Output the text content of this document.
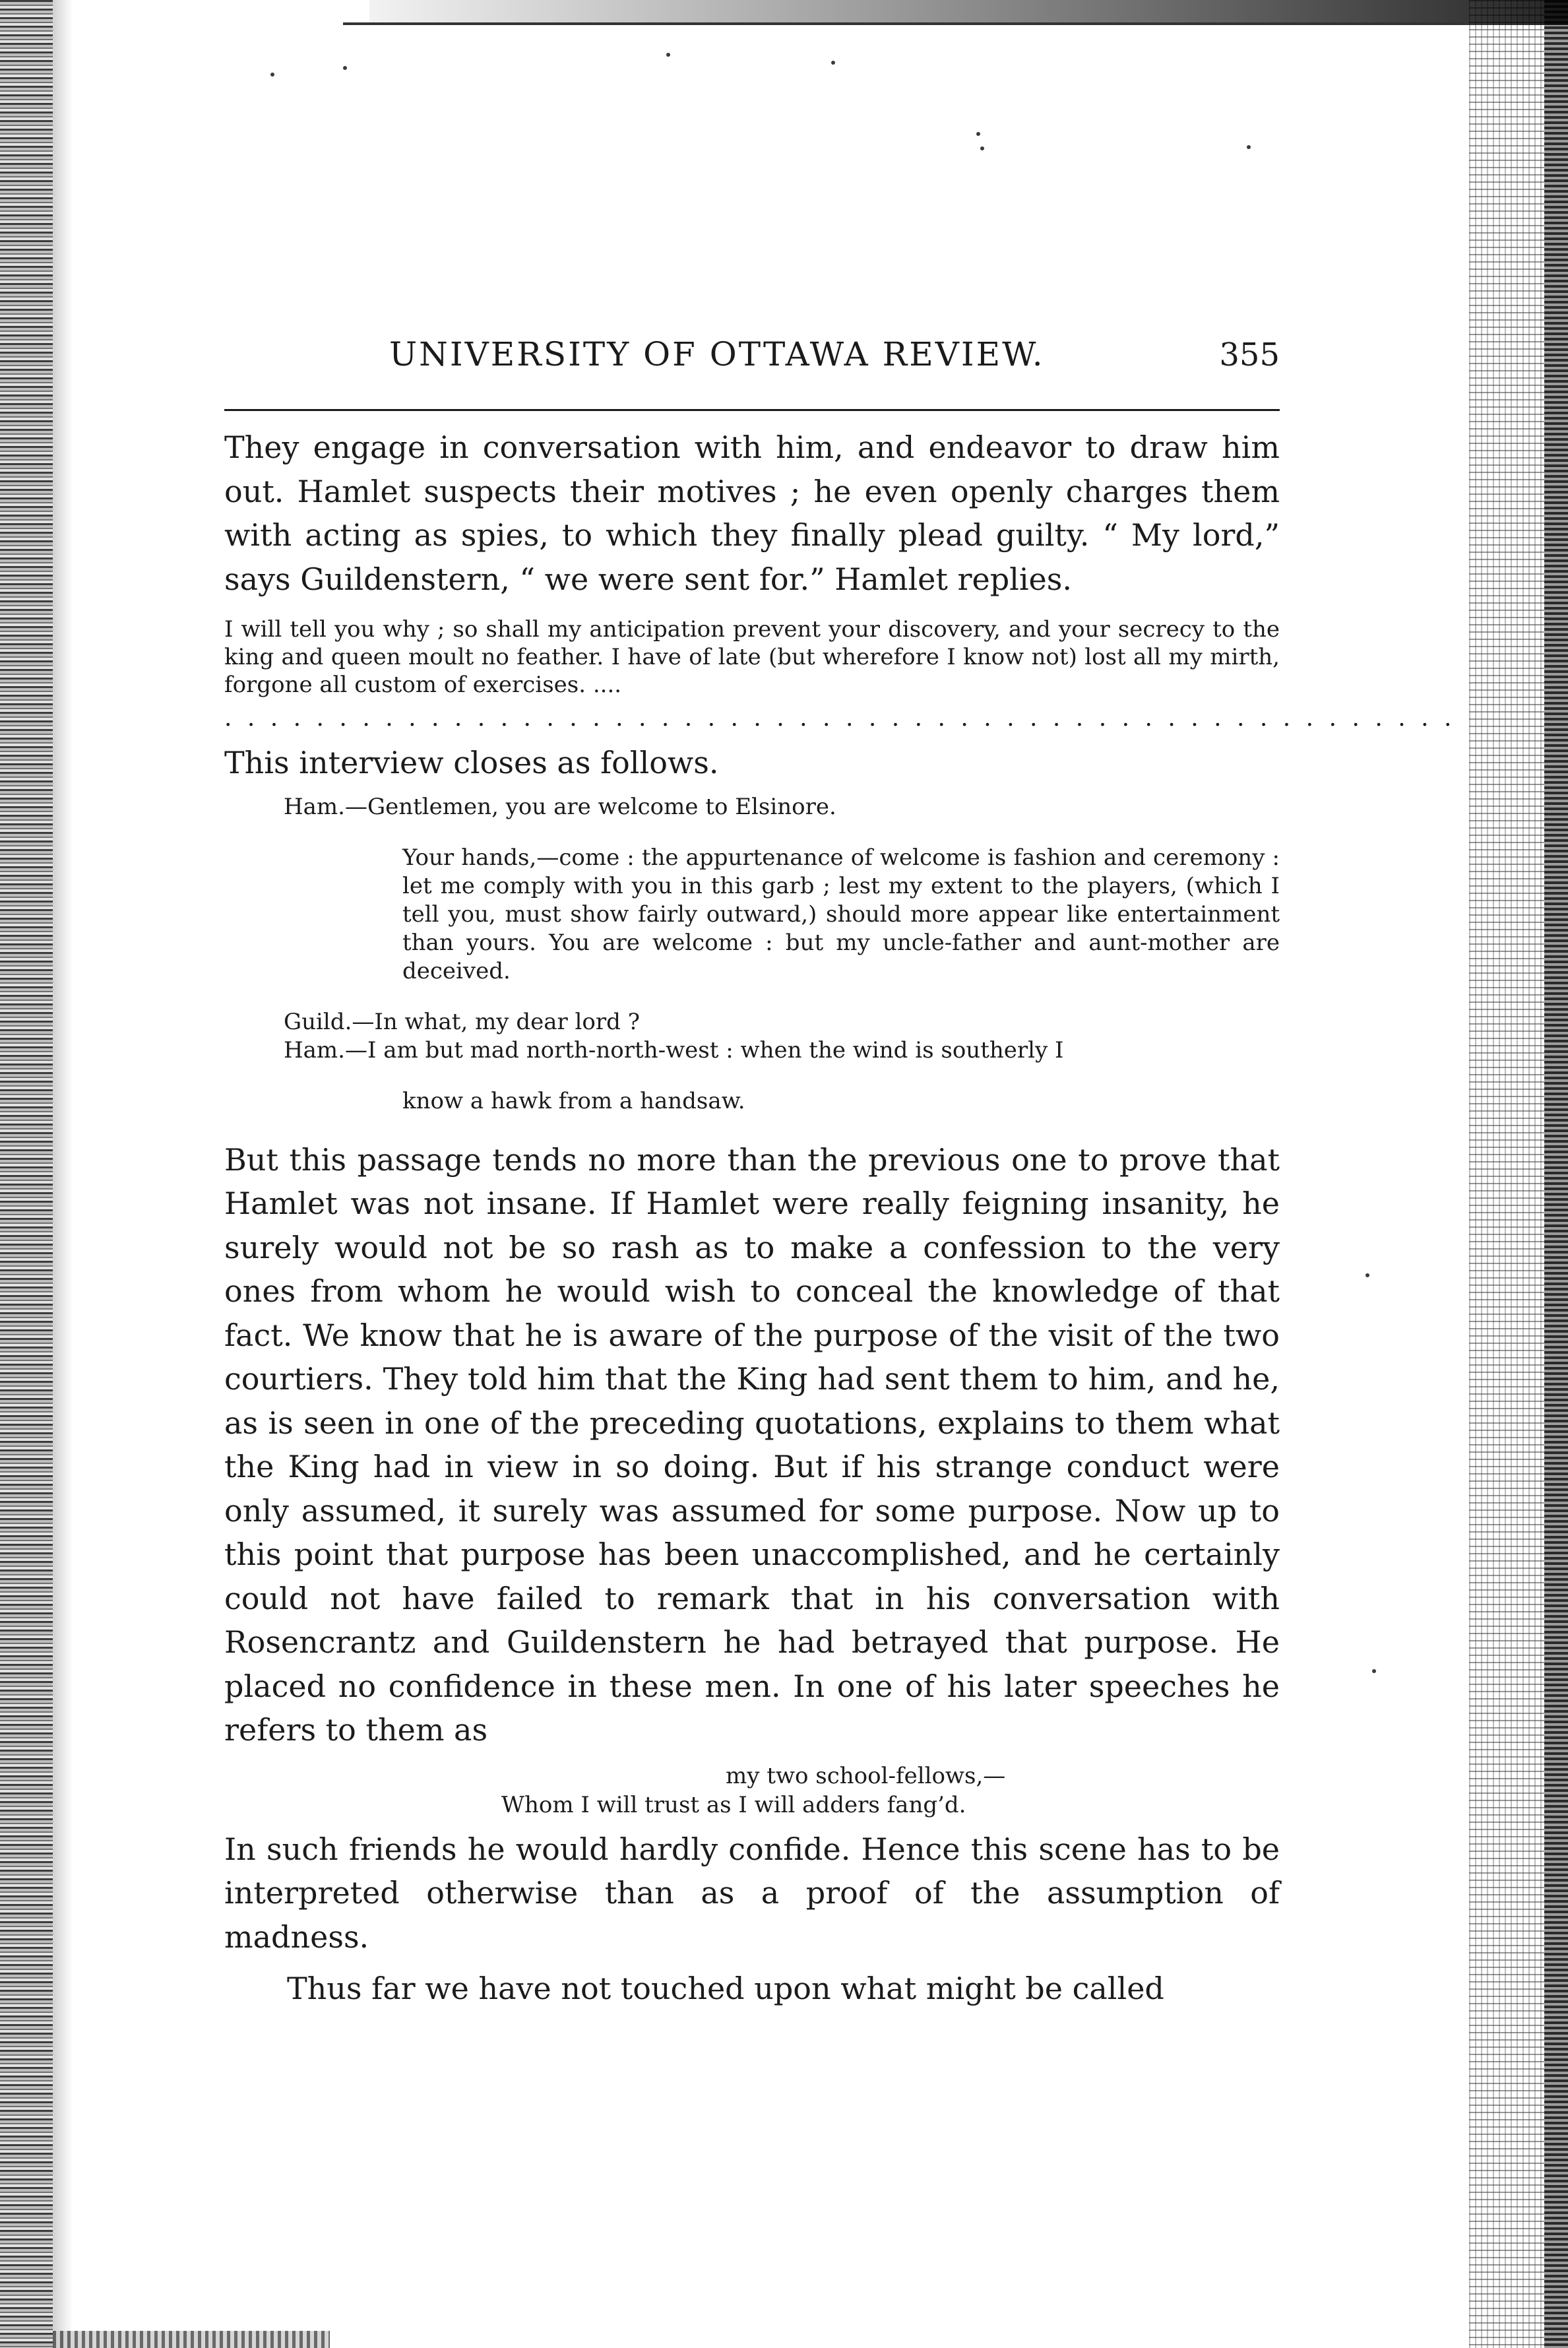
UNIVERSITY OF OTTAWA REVIEW.	355

They engage in conversation with him, and endeavor to draw him out. Hamlet suspects their motives ; he even openly charges them with acting as spies, to which they finally plead guilty. “ My lord,” says Guildenstern, “ we were sent for.” Hamlet replies.

I will tell you why ; so shall my anticipation prevent your discovery, and your secrecy to the king and queen moult no feather. I have of late (but wherefore I know not) lost all my mirth, forgone all custom of exercises. ....

. . . . . . . . . . . . . . . . . . . . . . . . . . . . . . . . . . . . . . . . . . . . . . . . . . . . . .

This interview closes as follows.

Ham.—Gentlemen, you are welcome to Elsinore.

Your hands,—come : the appurtenance of welcome is fashion and ceremony : let me comply with you in this garb ; lest my extent to the players, (which I tell you, must show fairly outward,) should more appear like entertainment than yours. You are welcome : but my uncle-father and aunt-mother are deceived.

Guild.—In what, my dear lord ?

Ham.—I am but mad north-north-west : when the wind is southerly I

know a hawk from a handsaw.

But this passage tends no more than the previous one to prove that Hamlet was not insane. If Hamlet were really feigning insanity, he surely would not be so rash as to make a confession to the very ones from whom he would wish to conceal the knowledge of that fact. We know that he is aware of the purpose of the visit of the two courtiers. They told him that the King had sent them to him, and he, as is seen in one of the preceding quotations, explains to them what the King had in view in so doing. But if his strange conduct were only assumed, it surely was assumed for some purpose. Now up to this point that purpose has been unaccomplished, and he certainly could not have failed to remark that in his conversation with Rosencrantz and Guildenstern he had betrayed that purpose. He placed no confidence in these men. In one of his later speeches he refers to them as

my two school-fellows,—
Whom I will trust as I will adders fang’d.

In such friends he would hardly confide. Hence this scene has to be interpreted otherwise than as a proof of the assumption of madness.

Thus far we have not touched upon what might be called
